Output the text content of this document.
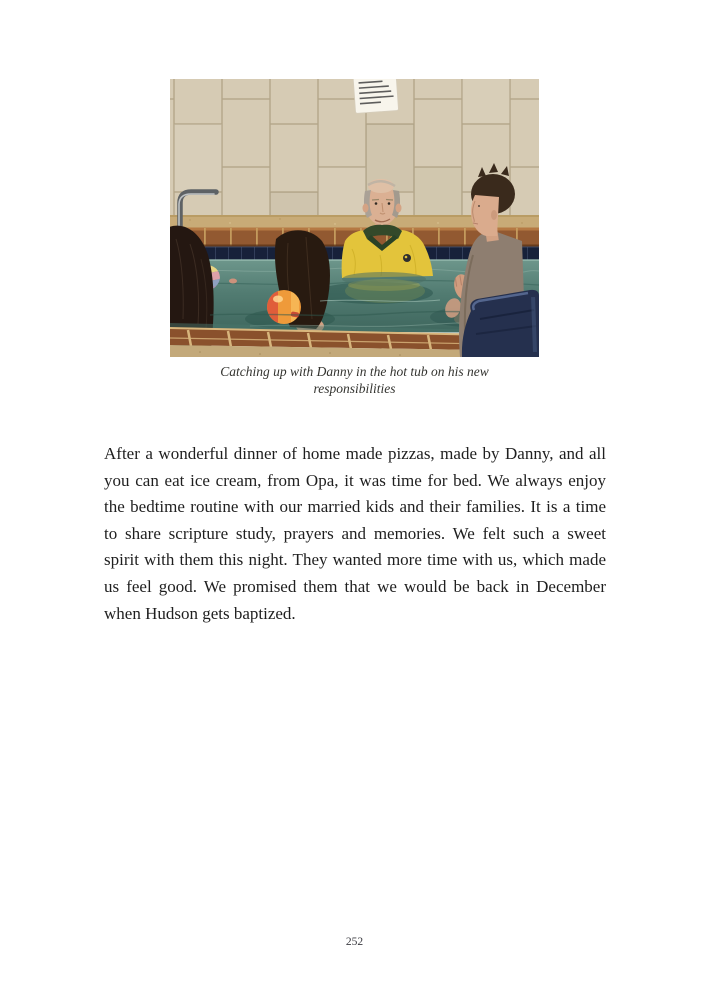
Catching up with Danny in the hot tub on his new responsibilities
After a wonderful dinner of home made pizzas, made by Danny, and all you can eat ice cream, from Opa, it was time for bed. We always enjoy the bedtime routine with our married kids and their families. It is a time to share scripture study, prayers and memories. We felt such a sweet spirit with them this night. They wanted more time with us, which made us feel good. We promised them that we would be back in December when Hudson gets baptized.
252
